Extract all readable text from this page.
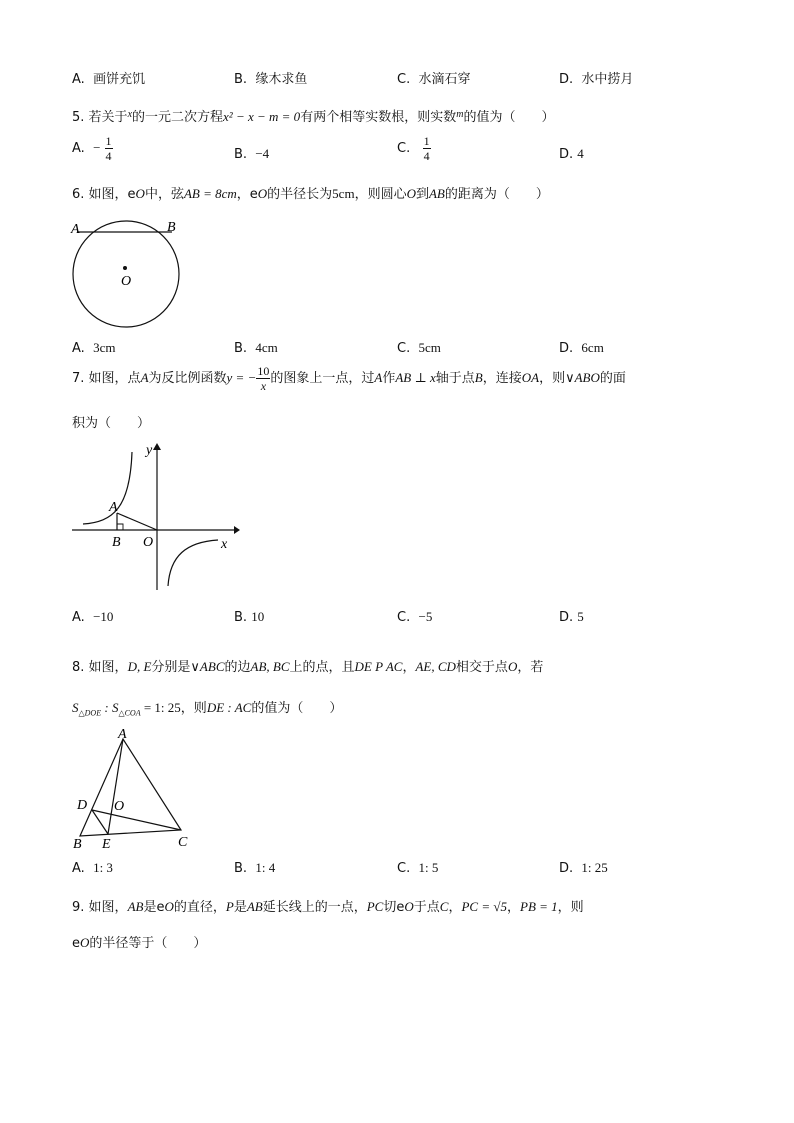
A. 画饼充饥	B. 缘木求鱼	C. 水滴石穿	D. 水中捞月
5. 若关于$^x$的一元二次方程x² − x − m = 0有两个相等实数根，则实数$^m$的值为（　　）
A. − $\frac{1}{4}$	B. −4	C. $\frac{1}{4}$	D. 4
6. 如图，eO中，弦AB = 8cm，eO的半径长为5cm，则圆心O到AB的距离为（　　）
A	B
O
A. 3cm	B. 4cm	C. 5cm	D. 6cm
7. 如图，点A为反比例函数y = − $\frac{10}{x}$ 的图象上一点，过A作AB ⊥ x轴于点B，连接OA，则∨ABO的面
积为（　　）
y
A
B O	x
A. −10	B. 10	C. −5	D. 5
8. 如图，D, E分别是∨ABC的边AB, BC上的点，且DE P AC，AE, CD相交于点O，若
$S_{\triangle DOE}$ : $S_{\triangle COA} = 1$: 25，则DE : AC的值为（　　）
A
D O
B E	C
A. 1: 3	B. 1: 4	C. 1: 5	D. 1: 25
9. 如图，AB是eO的直径，P是AB延长线上的一点，PC切eO于点C，PC = √5，PB = 1，则
eO的半径等于（　　）
